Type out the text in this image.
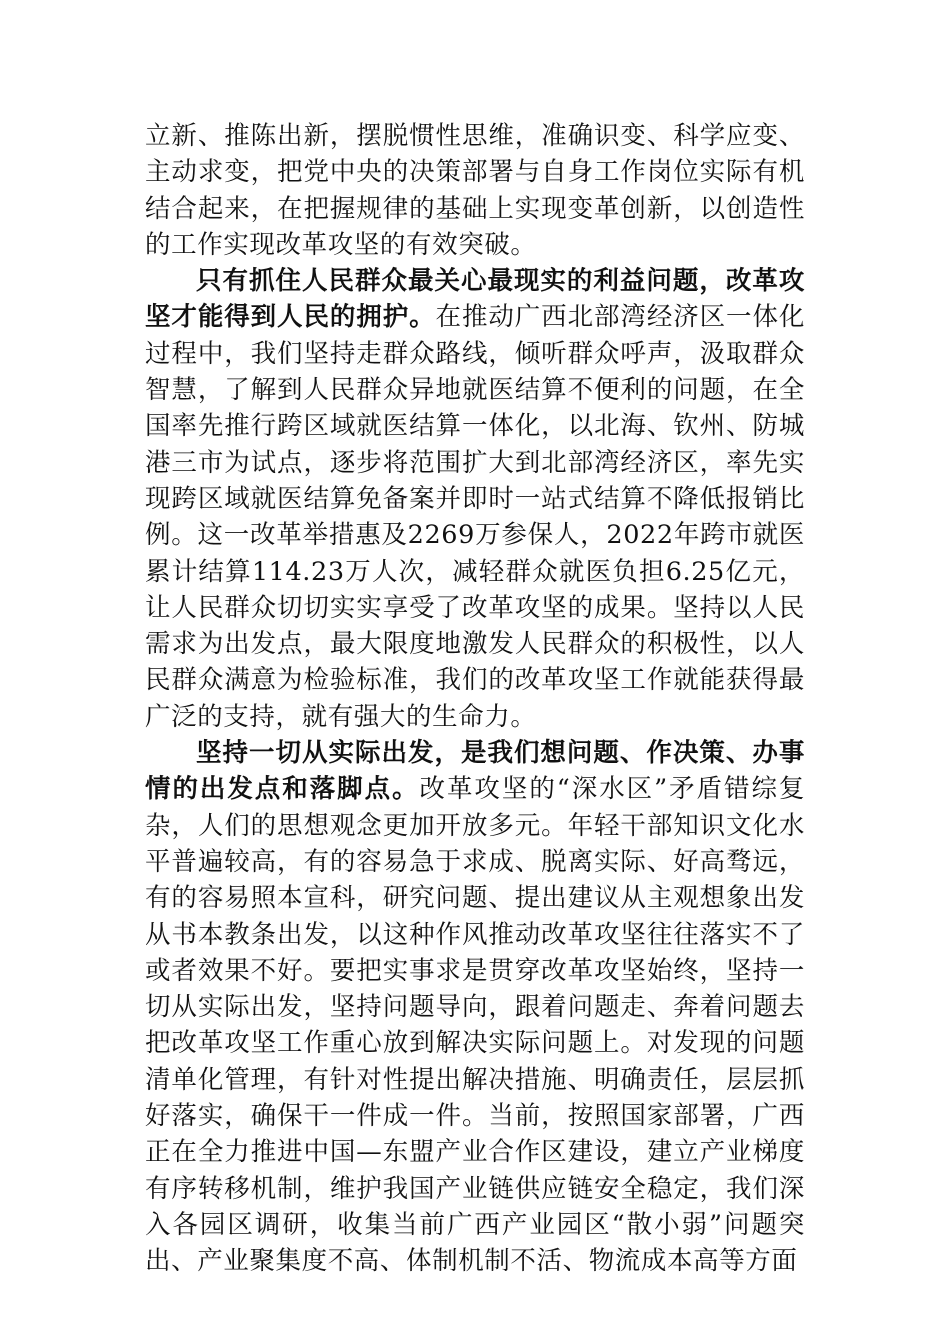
立新、推陈出新，摆脱惯性思维，准确识变、科学应变、主动求变，把党中央的决策部署与自身工作岗位实际有机结合起来，在把握规律的基础上实现变革创新，以创造性的工作实现改革攻坚的有效突破。

只有抓住人民群众最关心最现实的利益问题，改革攻坚才能得到人民的拥护。在推动广西北部湾经济区一体化过程中，我们坚持走群众路线，倾听群众呼声，汲取群众智慧，了解到人民群众异地就医结算不便利的问题，在全国率先推行跨区域就医结算一体化，以北海、钦州、防城港三市为试点，逐步将范围扩大到北部湾经济区，率先实现跨区域就医结算免备案并即时一站式结算不降低报销比例。这一改革举措惠及2269万参保人，2022年跨市就医累计结算114.23万人次，减轻群众就医负担6.25亿元，让人民群众切切实实享受了改革攻坚的成果。坚持以人民需求为出发点，最大限度地激发人民群众的积极性，以人民群众满意为检验标准，我们的改革攻坚工作就能获得最广泛的支持，就有强大的生命力。

坚持一切从实际出发，是我们想问题、作决策、办事情的出发点和落脚点。改革攻坚的“深水区”矛盾错综复杂，人们的思想观念更加开放多元。年轻干部知识文化水平普遍较高，有的容易急于求成、脱离实际、好高骛远，有的容易照本宣科，研究问题、提出建议从主观想象出发从书本教条出发，以这种作风推动改革攻坚往往落实不了或者效果不好。要把实事求是贯穿改革攻坚始终，坚持一切从实际出发，坚持问题导向，跟着问题走、奔着问题去把改革攻坚工作重心放到解决实际问题上。对发现的问题清单化管理，有针对性提出解决措施、明确责任，层层抓好落实，确保干一件成一件。当前，按照国家部署，广西正在全力推进中国—东盟产业合作区建设，建立产业梯度有序转移机制，维护我国产业链供应链安全稳定，我们深入各园区调研，收集当前广西产业园区“散小弱”问题突出、产业聚集度不高、体制机制不活、物流成本高等方面
